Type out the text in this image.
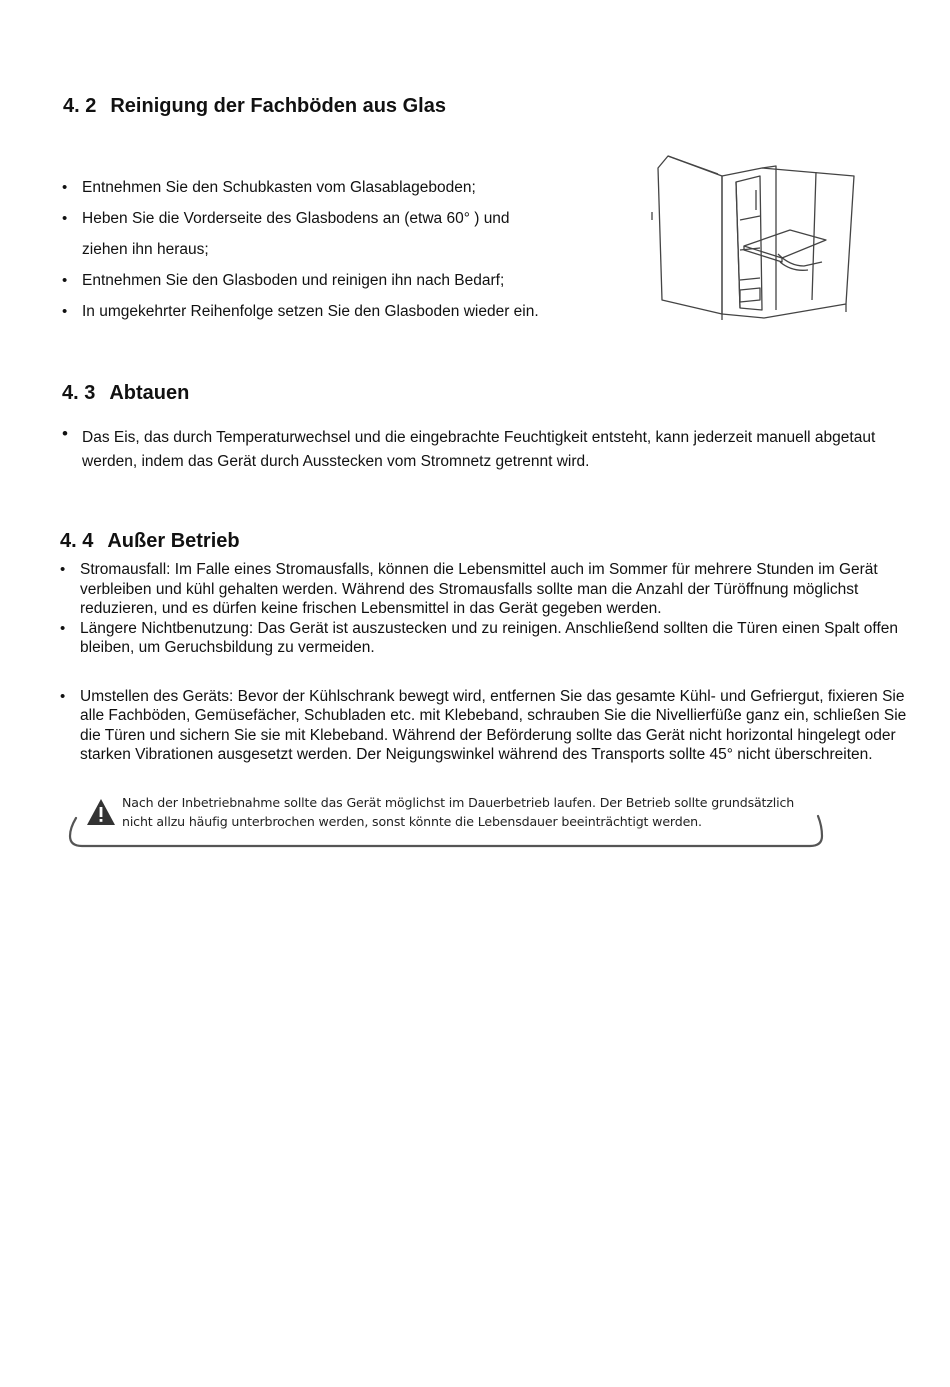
4. 2 Reinigung der Fachböden aus Glas
• Entnehmen Sie den Schubkasten vom Glasablageboden;
• Heben Sie die Vorderseite des Glasbodens an (etwa 60° ) und
ziehen ihn heraus;
• Entnehmen Sie den Glasboden und reinigen ihn nach Bedarf;
• In umgekehrter Reihenfolge setzen Sie den Glasboden wieder ein.
4. 3 Abtauen
• Das Eis, das durch Temperaturwechsel und die eingebrachte Feuchtigkeit entsteht, kann jederzeit manuell abgetaut werden, indem das Gerät durch Ausstecken vom Stromnetz getrennt wird.
4. 4 Außer Betrieb
• Stromausfall: Im Falle eines Stromausfalls, können die Lebensmittel auch im Sommer für mehrere Stunden im Gerät verbleiben und kühl gehalten werden. Während des Stromausfalls sollte man die Anzahl der Türöffnung möglichst reduzieren, und es dürfen keine frischen Lebensmittel in das Gerät gegeben werden.
• Längere Nichtbenutzung: Das Gerät ist auszustecken und zu reinigen. Anschließend sollten die Türen einen Spalt offen bleiben, um Geruchsbildung zu vermeiden.
• Umstellen des Geräts: Bevor der Kühlschrank bewegt wird, entfernen Sie das gesamte Kühl- und Gefriergut, fixieren Sie alle Fachböden, Gemüsefächer, Schubladen etc. mit Klebeband, schrauben Sie die Nivellierfüße ganz ein, schließen Sie die Türen und sichern Sie sie mit Klebeband. Während der Beförderung sollte das Gerät nicht horizontal hingelegt oder starken Vibrationen ausgesetzt werden. Der Neigungswinkel während des Transports sollte 45° nicht überschreiten.
Nach der Inbetriebnahme sollte das Gerät möglichst im Dauerbetrieb laufen. Der Betrieb sollte grundsätzlich
nicht allzu häufig unterbrochen werden, sonst könnte die Lebensdauer beeinträchtigt werden.
